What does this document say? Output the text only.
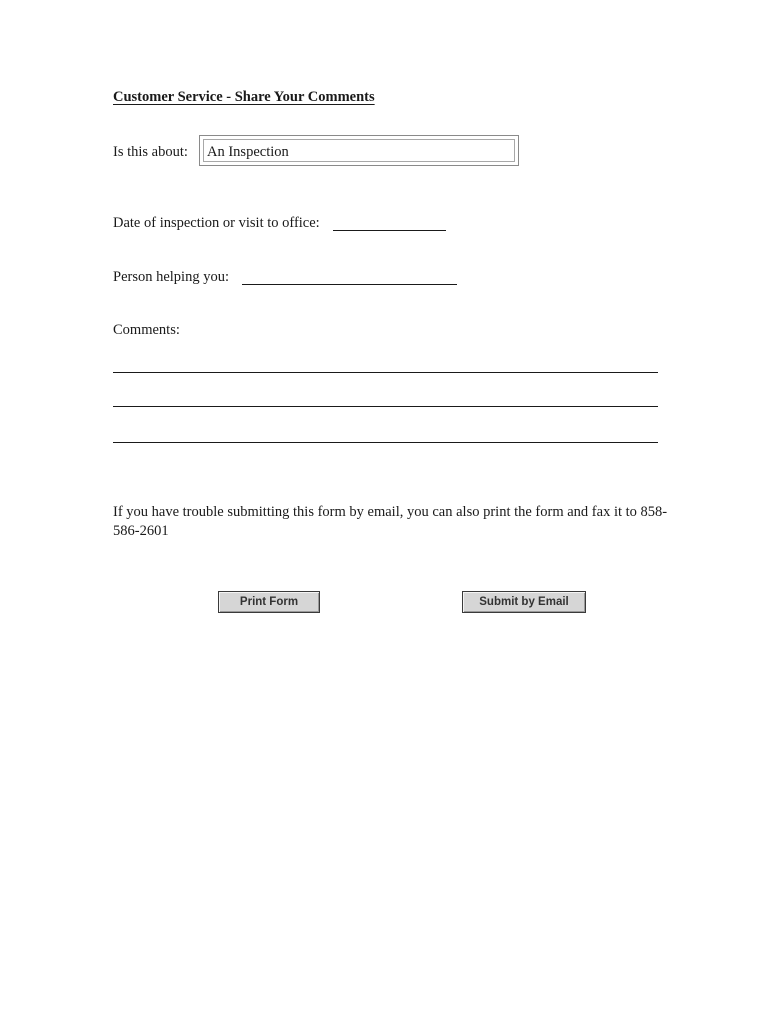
Customer Service - Share Your Comments
Is this about: An Inspection
Date of inspection or visit to office:
Person helping you:
Comments:
If you have trouble submitting this form by email, you can also print the form and fax it to 858-586-2601
Print Form	Submit by Email
